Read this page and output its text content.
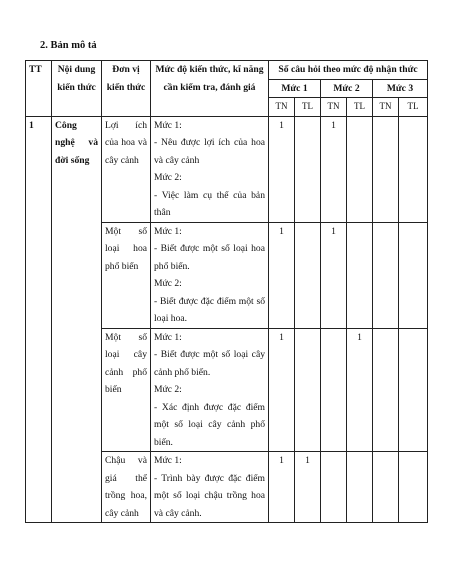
2. Bản mô tả
TT	Nội dung kiến thức	Đơn vị kiến thức	Mức độ kiến thức, kĩ năng cần kiểm tra, đánh giá	Số câu hỏi theo mức độ nhận thức					
				Mức 1		Mức 2		Mức 3	
				TN	TL	TN	TL	TN	TL
1	Công nghệ và đời sống	Lợi ích của hoa và cây cảnh	Mức 1:
- Nêu được lợi ích của hoa và cây cảnh
Mức 2:
- Việc làm cụ thể của bản thân	1		1			
		Một số loại hoa phổ biến	Mức 1:
- Biết được một số loại hoa phổ biến.
Mức 2:
- Biết được đặc điểm một số loại hoa.	1		1			
		Một số loại cây cảnh phổ biến	Mức 1:
- Biết được một số loại cây cảnh phổ biến.
Mức 2:
- Xác định được đặc điểm một số loại cây cảnh phổ biến.	1			1		
		Chậu và giá thể trồng hoa, cây cảnh	Mức 1:
- Trình bày được đặc điểm một số loại chậu trồng hoa và cây cảnh.	1	1				
